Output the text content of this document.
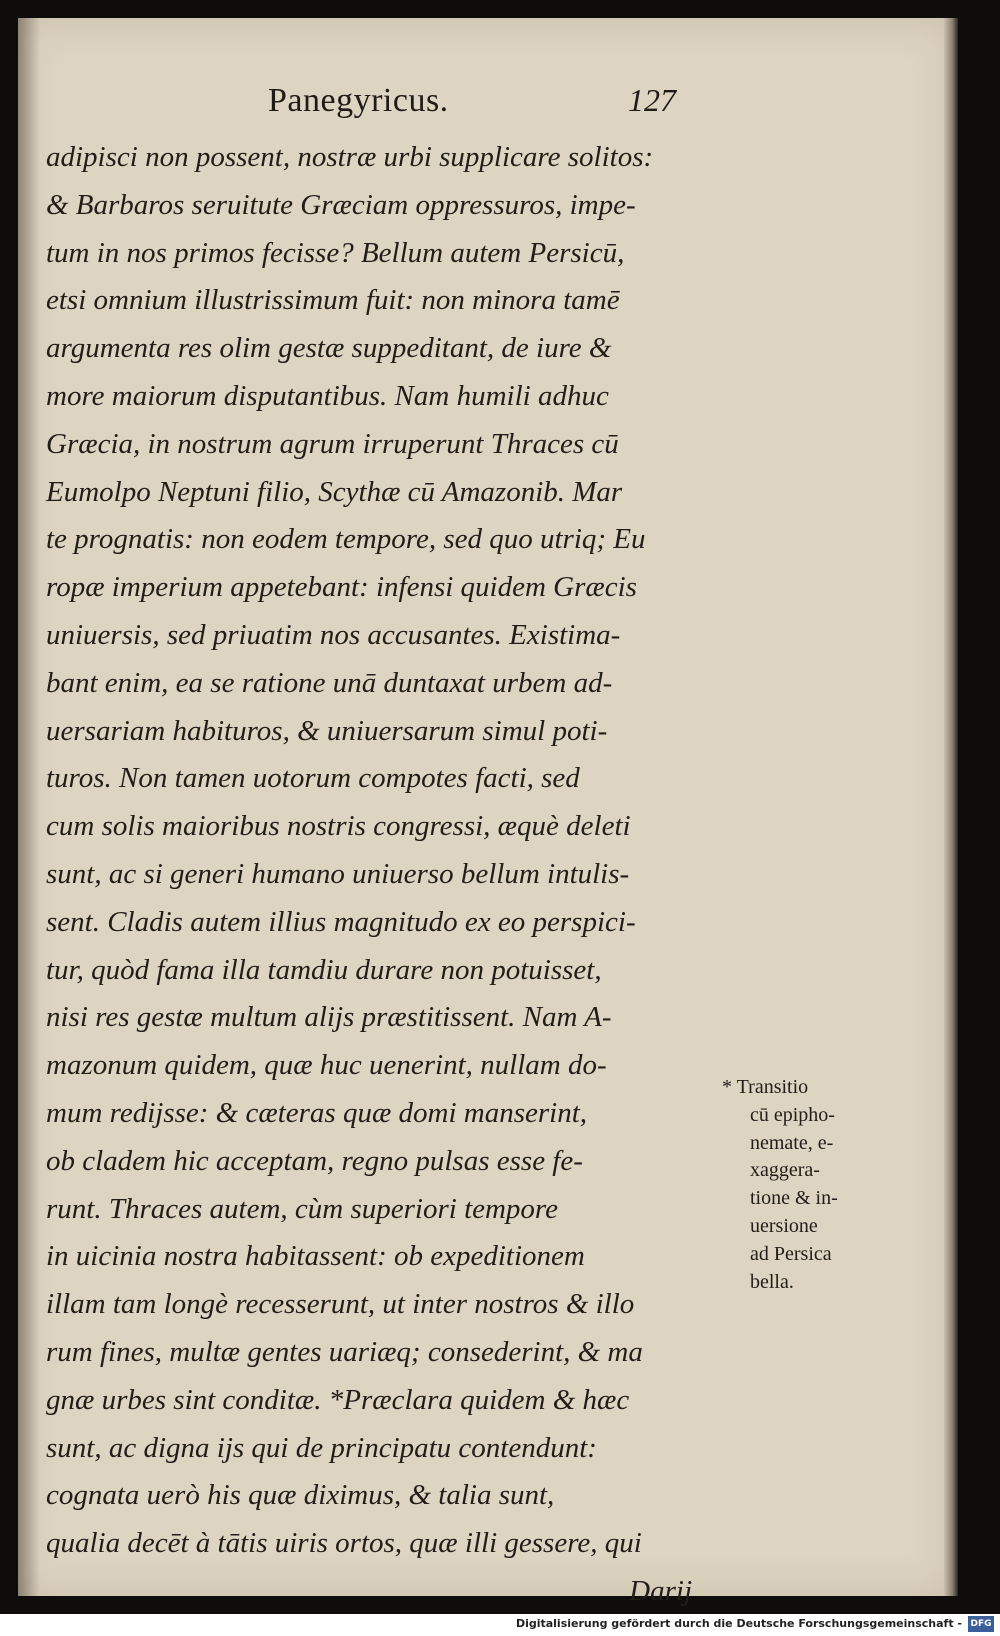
Panegyricus.	127
adipisci non possent, nostræ urbi supplicare solitos:
& Barbaros seruitute Græciam oppressuros, impe-
tum in nos primos fecisse? Bellum autem Persicū,
etsi omnium illustrissimum fuit: non minora tamē
argumenta res olim gestæ suppeditant, de iure &
more maiorum disputantibus. Nam humili adhuc
Græcia, in nostrum agrum irruperunt Thraces cū
Eumolpo Neptuni filio, Scythæ cū Amazonib. Mar
te prognatis: non eodem tempore, sed quo utriq; Eu
ropæ imperium appetebant: infensi quidem Græcis
uniuersis, sed priuatim nos accusantes. Existima-
bant enim, ea se ratione unā duntaxat urbem ad-
uersariam habituros, & uniuersarum simul poti-
turos. Non tamen uotorum compotes facti, sed
cum solis maioribus nostris congressi, æquè deleti
sunt, ac si generi humano uniuerso bellum intulis-
sent. Cladis autem illius magnitudo ex eo perspici-
tur, quòd fama illa tamdiu durare non potuisset,
nisi res gestæ multum alijs præstitissent. Nam A-
mazonum quidem, quæ huc uenerint, nullam do-
mum redijsse: & cæteras quæ domi manserint,
ob cladem hic acceptam, regno pulsas esse fe-
runt. Thraces autem, cùm superiori tempore
in uicinia nostra habitassent: ob expeditionem
illam tam longè recesserunt, ut inter nostros & illo
rum fines, multæ gentes uariæq; consederint, & ma
gnæ urbes sint conditæ. *Præclara quidem & hæc
sunt, ac digna ijs qui de principatu contendunt:
cognata uerò his quæ diximus, & talia sunt,
qualia decēt à tātis uiris ortos, quæ illi gessere, qui
Darij
* Transitio
cū epipho-
nemate, e-
xaggera-
tione & in-
uersione
ad Persica
bella.
Digitalisierung gefördert durch die Deutsche Forschungsgemeinschaft - DFG
